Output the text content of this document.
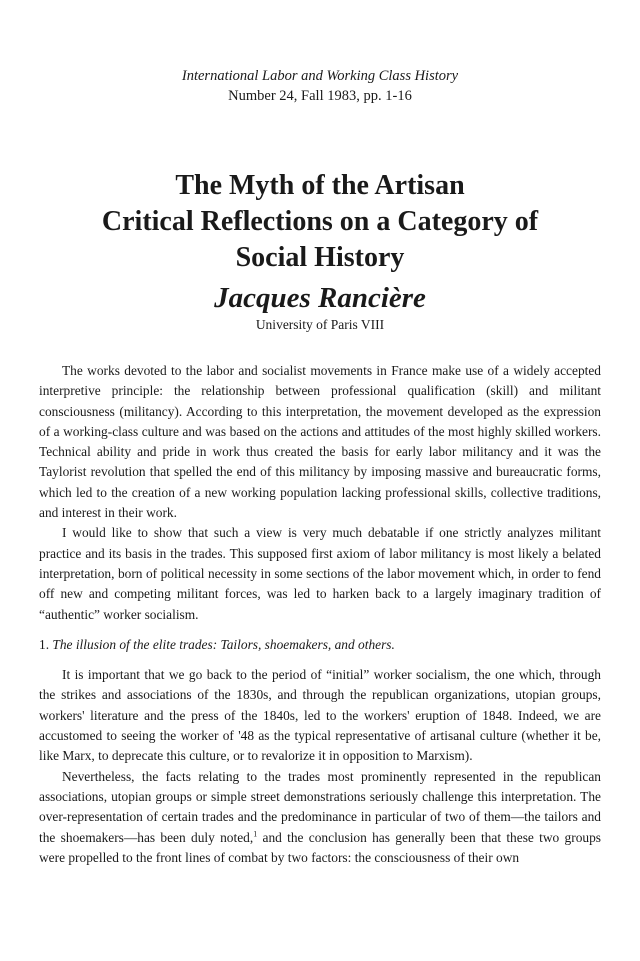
International Labor and Working Class History
Number 24, Fall 1983, pp. 1-16
The Myth of the Artisan
Critical Reflections on a Category of
Social History
Jacques Rancière
University of Paris VIII

The works devoted to the labor and socialist movements in France make use of a widely accepted interpretive principle: the relationship between professional qualification (skill) and militant consciousness (militancy). According to this interpretation, the movement developed as the expression of a working-class culture and was based on the actions and attitudes of the most highly skilled workers. Technical ability and pride in work thus created the basis for early labor militancy and it was the Taylorist revolution that spelled the end of this militancy by imposing massive and bureaucratic forms, which led to the creation of a new working population lacking professional skills, collective traditions, and interest in their work.

I would like to show that such a view is very much debatable if one strictly analyzes militant practice and its basis in the trades. This supposed first axiom of labor militancy is most likely a belated interpretation, born of political necessity in some sections of the labor movement which, in order to fend off new and competing militant forces, was led to harken back to a largely imaginary tradition of “authentic” worker socialism.

1. The illusion of the elite trades: Tailors, shoemakers, and others.

It is important that we go back to the period of “initial” worker socialism, the one which, through the strikes and associations of the 1830s, and through the republican organizations, utopian groups, workers' literature and the press of the 1840s, led to the workers' eruption of 1848. Indeed, we are accustomed to seeing the worker of '48 as the typical representative of artisanal culture (whether it be, like Marx, to deprecate this culture, or to revalorize it in opposition to Marxism).

Nevertheless, the facts relating to the trades most prominently represented in the republican associations, utopian groups or simple street demonstrations seriously challenge this interpretation. The over-representation of certain trades and the predominance in particular of two of them—the tailors and the shoemakers—has been duly noted,$^1$ and the conclusion has generally been that these two groups were propelled to the front lines of combat by two factors: the consciousness of their own
